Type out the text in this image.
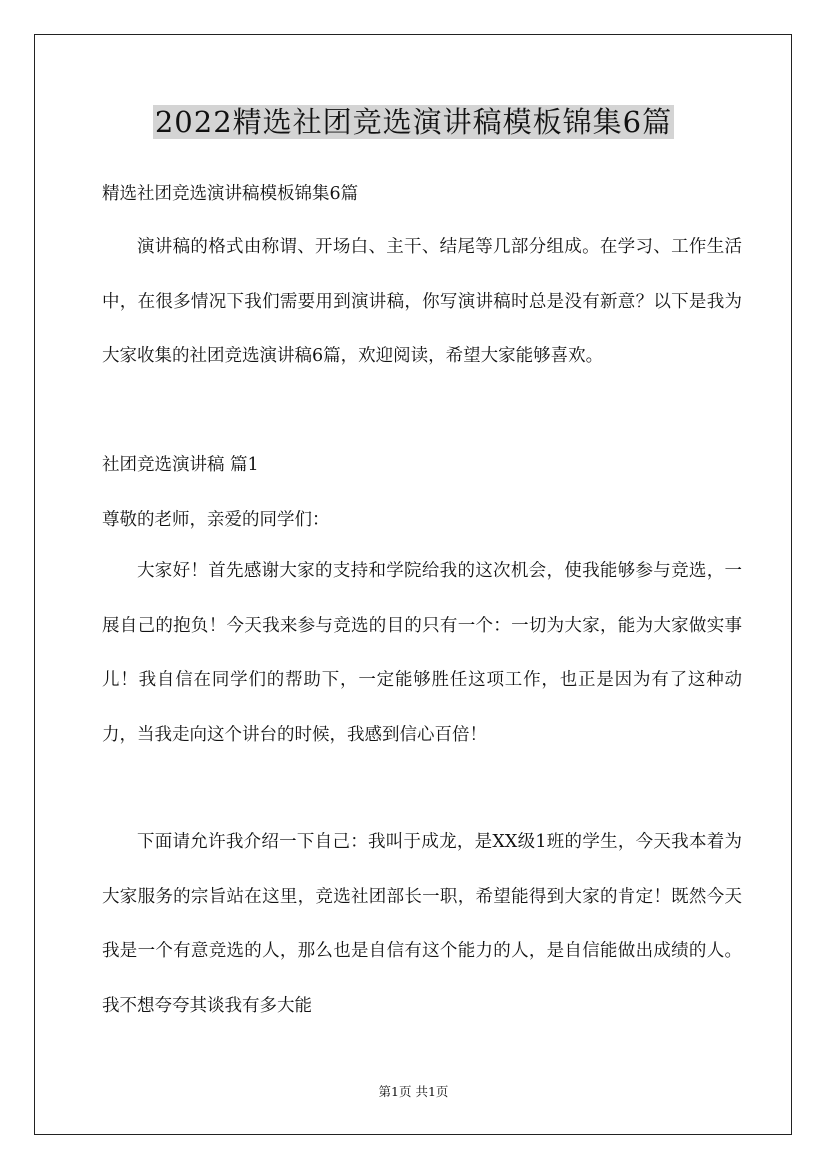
2022精选社团竞选演讲稿模板锦集6篇

精选社团竞选演讲稿模板锦集6篇

演讲稿的格式由称谓、开场白、主干、结尾等几部分组成。在学习、工作生活中，在很多情况下我们需要用到演讲稿，你写演讲稿时总是没有新意？以下是我为大家收集的社团竞选演讲稿6篇，欢迎阅读，希望大家能够喜欢。

社团竞选演讲稿 篇1

尊敬的老师，亲爱的同学们：

大家好！首先感谢大家的支持和学院给我的这次机会，使我能够参与竞选，一展自己的抱负！今天我来参与竞选的目的只有一个：一切为大家，能为大家做实事儿！我自信在同学们的帮助下，一定能够胜任这项工作，也正是因为有了这种动力，当我走向这个讲台的时候，我感到信心百倍！

下面请允许我介绍一下自己：我叫于成龙，是XX级1班的学生，今天我本着为大家服务的宗旨站在这里，竞选社团部长一职，希望能得到大家的肯定！既然今天我是一个有意竞选的人，那么也是自信有这个能力的人，是自信能做出成绩的人。我不想夸夸其谈我有多大能

第1页 共1页
